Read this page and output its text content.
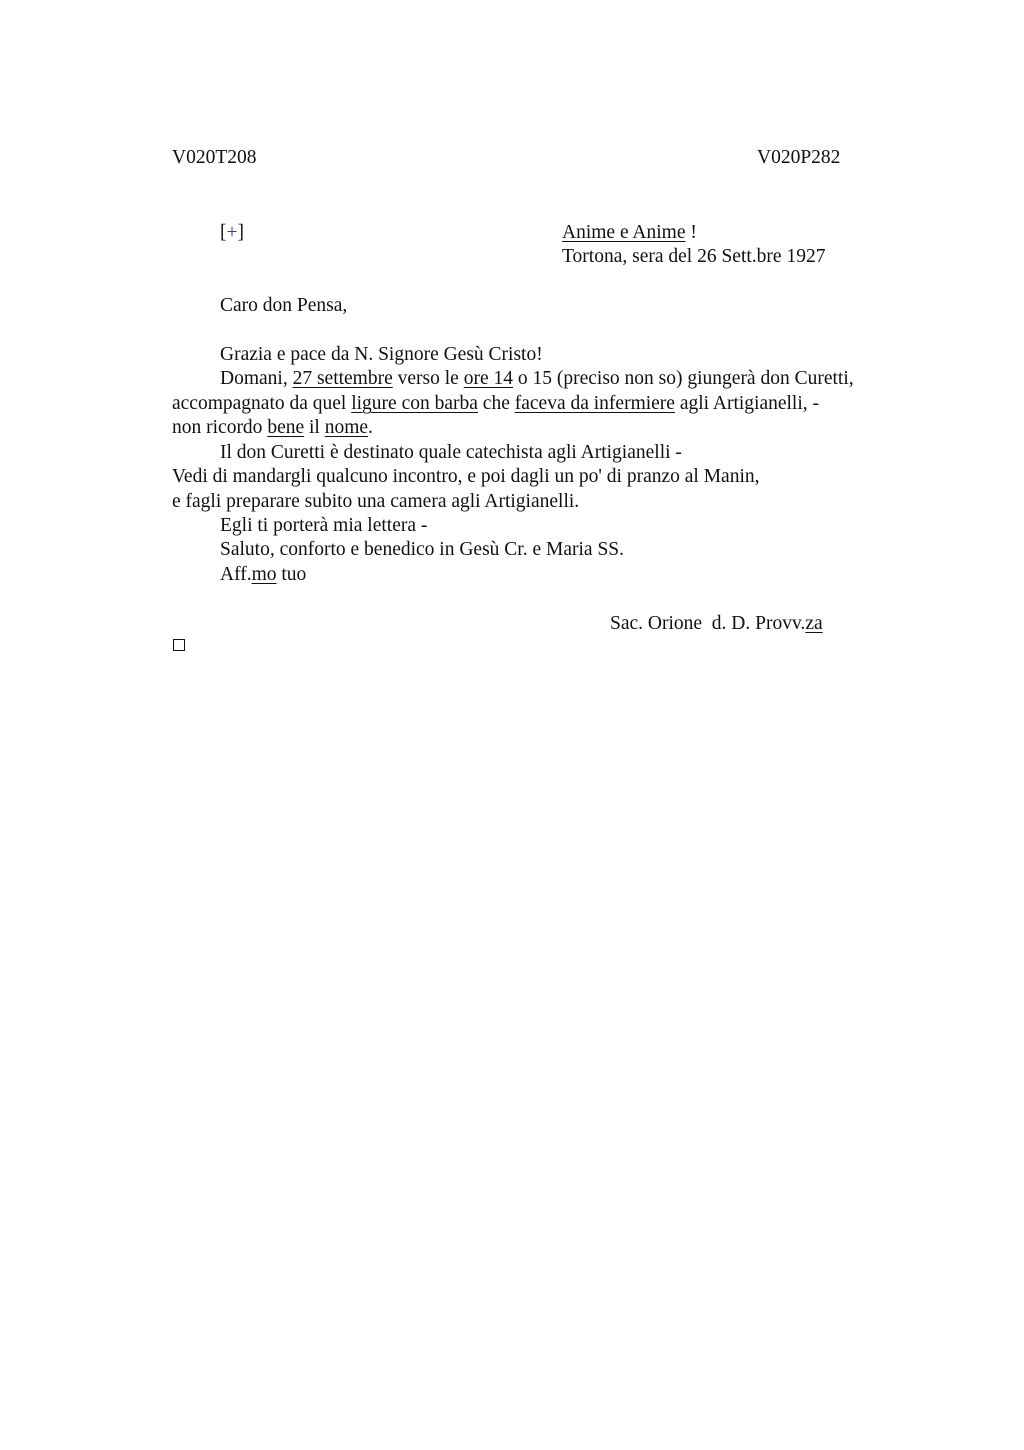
V020T208	V020P282
[+]	Anime e Anime !
Tortona, sera del 26 Sett.bre 1927
Caro don Pensa,
Grazia e pace da N. Signore Gesù Cristo!
Domani, 27 settembre verso le ore 14 o 15 (preciso non so) giungerà don Curetti,
accompagnato da quel ligure con barba che faceva da infermiere agli Artigianelli, -
non ricordo bene il nome.
Il don Curetti è destinato quale catechista agli Artigianelli -
Vedi di mandargli qualcuno incontro, e poi dagli un po' di pranzo al Manin,
e fagli preparare subito una camera agli Artigianelli.
Egli ti porterà mia lettera -
Saluto, conforto e benedico in Gesù Cr. e Maria SS.
Aff.mo tuo
Sac. Orione  d. D. Provv.za
